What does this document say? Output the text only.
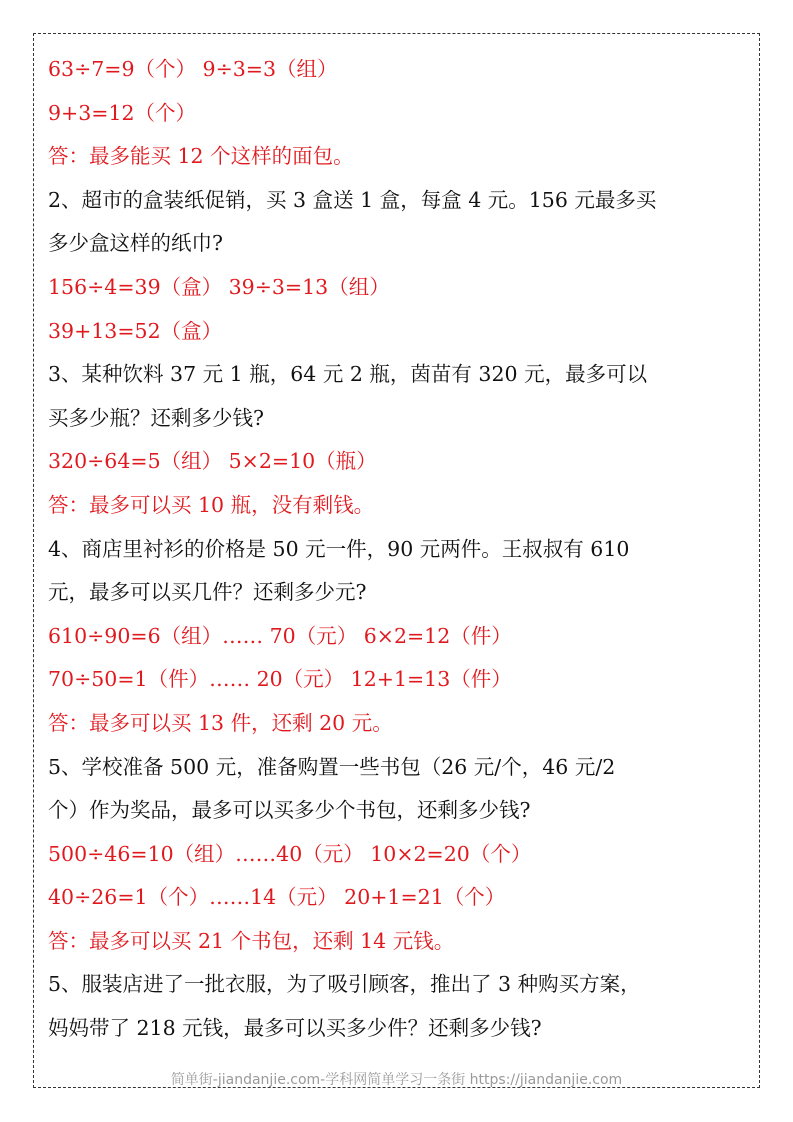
63÷7=9（个） 9÷3=3（组）
9+3=12（个）
答：最多能买 12 个这样的面包。
2、超市的盒装纸促销，买 3 盒送 1 盒，每盒 4 元。156 元最多买
多少盒这样的纸巾?
156÷4=39（盒） 39÷3=13（组）
39+13=52（盒）
3、某种饮料 37 元 1 瓶，64 元 2 瓶，茵苗有 320 元，最多可以
买多少瓶？还剩多少钱?
320÷64=5（组） 5×2=10（瓶）
答：最多可以买 10 瓶，没有剩钱。
4、商店里衬衫的价格是 50 元一件，90 元两件。王叔叔有 610
元，最多可以买几件？还剩多少元?
610÷90=6（组）…… 70（元） 6×2=12（件）
70÷50=1（件）…… 20（元） 12+1=13（件）
答：最多可以买 13 件，还剩 20 元。
5、学校准备 500 元，准备购置一些书包（26 元/个，46 元/2
个）作为奖品，最多可以买多少个书包，还剩多少钱?
500÷46=10（组）……40（元） 10×2=20（个）
40÷26=1（个）……14（元） 20+1=21（个）
答：最多可以买 21 个书包，还剩 14 元钱。
5、服装店进了一批衣服，为了吸引顾客，推出了 3 种购买方案，
妈妈带了 218 元钱，最多可以买多少件？还剩多少钱?
简单街-jiandanjie.com-学科网简单学习一条街 https://jiandanjie.com
